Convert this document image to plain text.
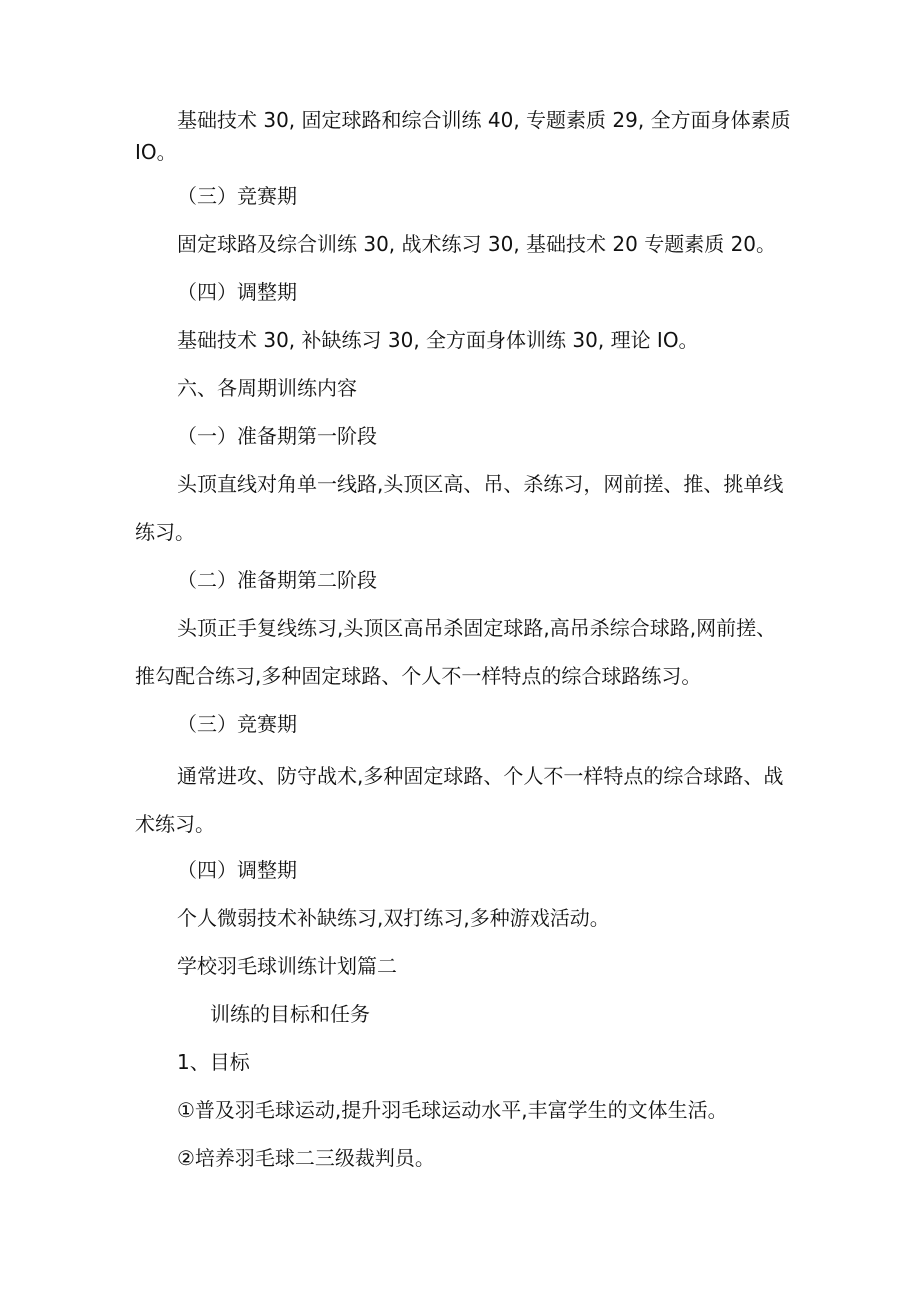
基础技术 30, 固定球路和综合训练 40, 专题素质 29, 全方面身体素质
IO。
（三）竞赛期
固定球路及综合训练 30, 战术练习 30, 基础技术 20 专题素质 20。
（四）调整期
基础技术 30, 补缺练习 30, 全方面身体训练 30, 理论 IO。
六、各周期训练内容
（一）准备期第一阶段
头顶直线对角单一线路,头顶区高、吊、杀练习，网前搓、推、挑单线
练习。
（二）准备期第二阶段
头顶正手复线练习,头顶区高吊杀固定球路,高吊杀综合球路,网前搓、
推勾配合练习,多种固定球路、个人不一样特点的综合球路练习。
（三）竞赛期
通常进攻、防守战术,多种固定球路、个人不一样特点的综合球路、战
术练习。
（四）调整期
个人微弱技术补缺练习,双打练习,多种游戏活动。
学校羽毛球训练计划篇二
训练的目标和任务
1、目标
①普及羽毛球运动,提升羽毛球运动水平,丰富学生的文体生活。
②培养羽毛球二三级裁判员。
